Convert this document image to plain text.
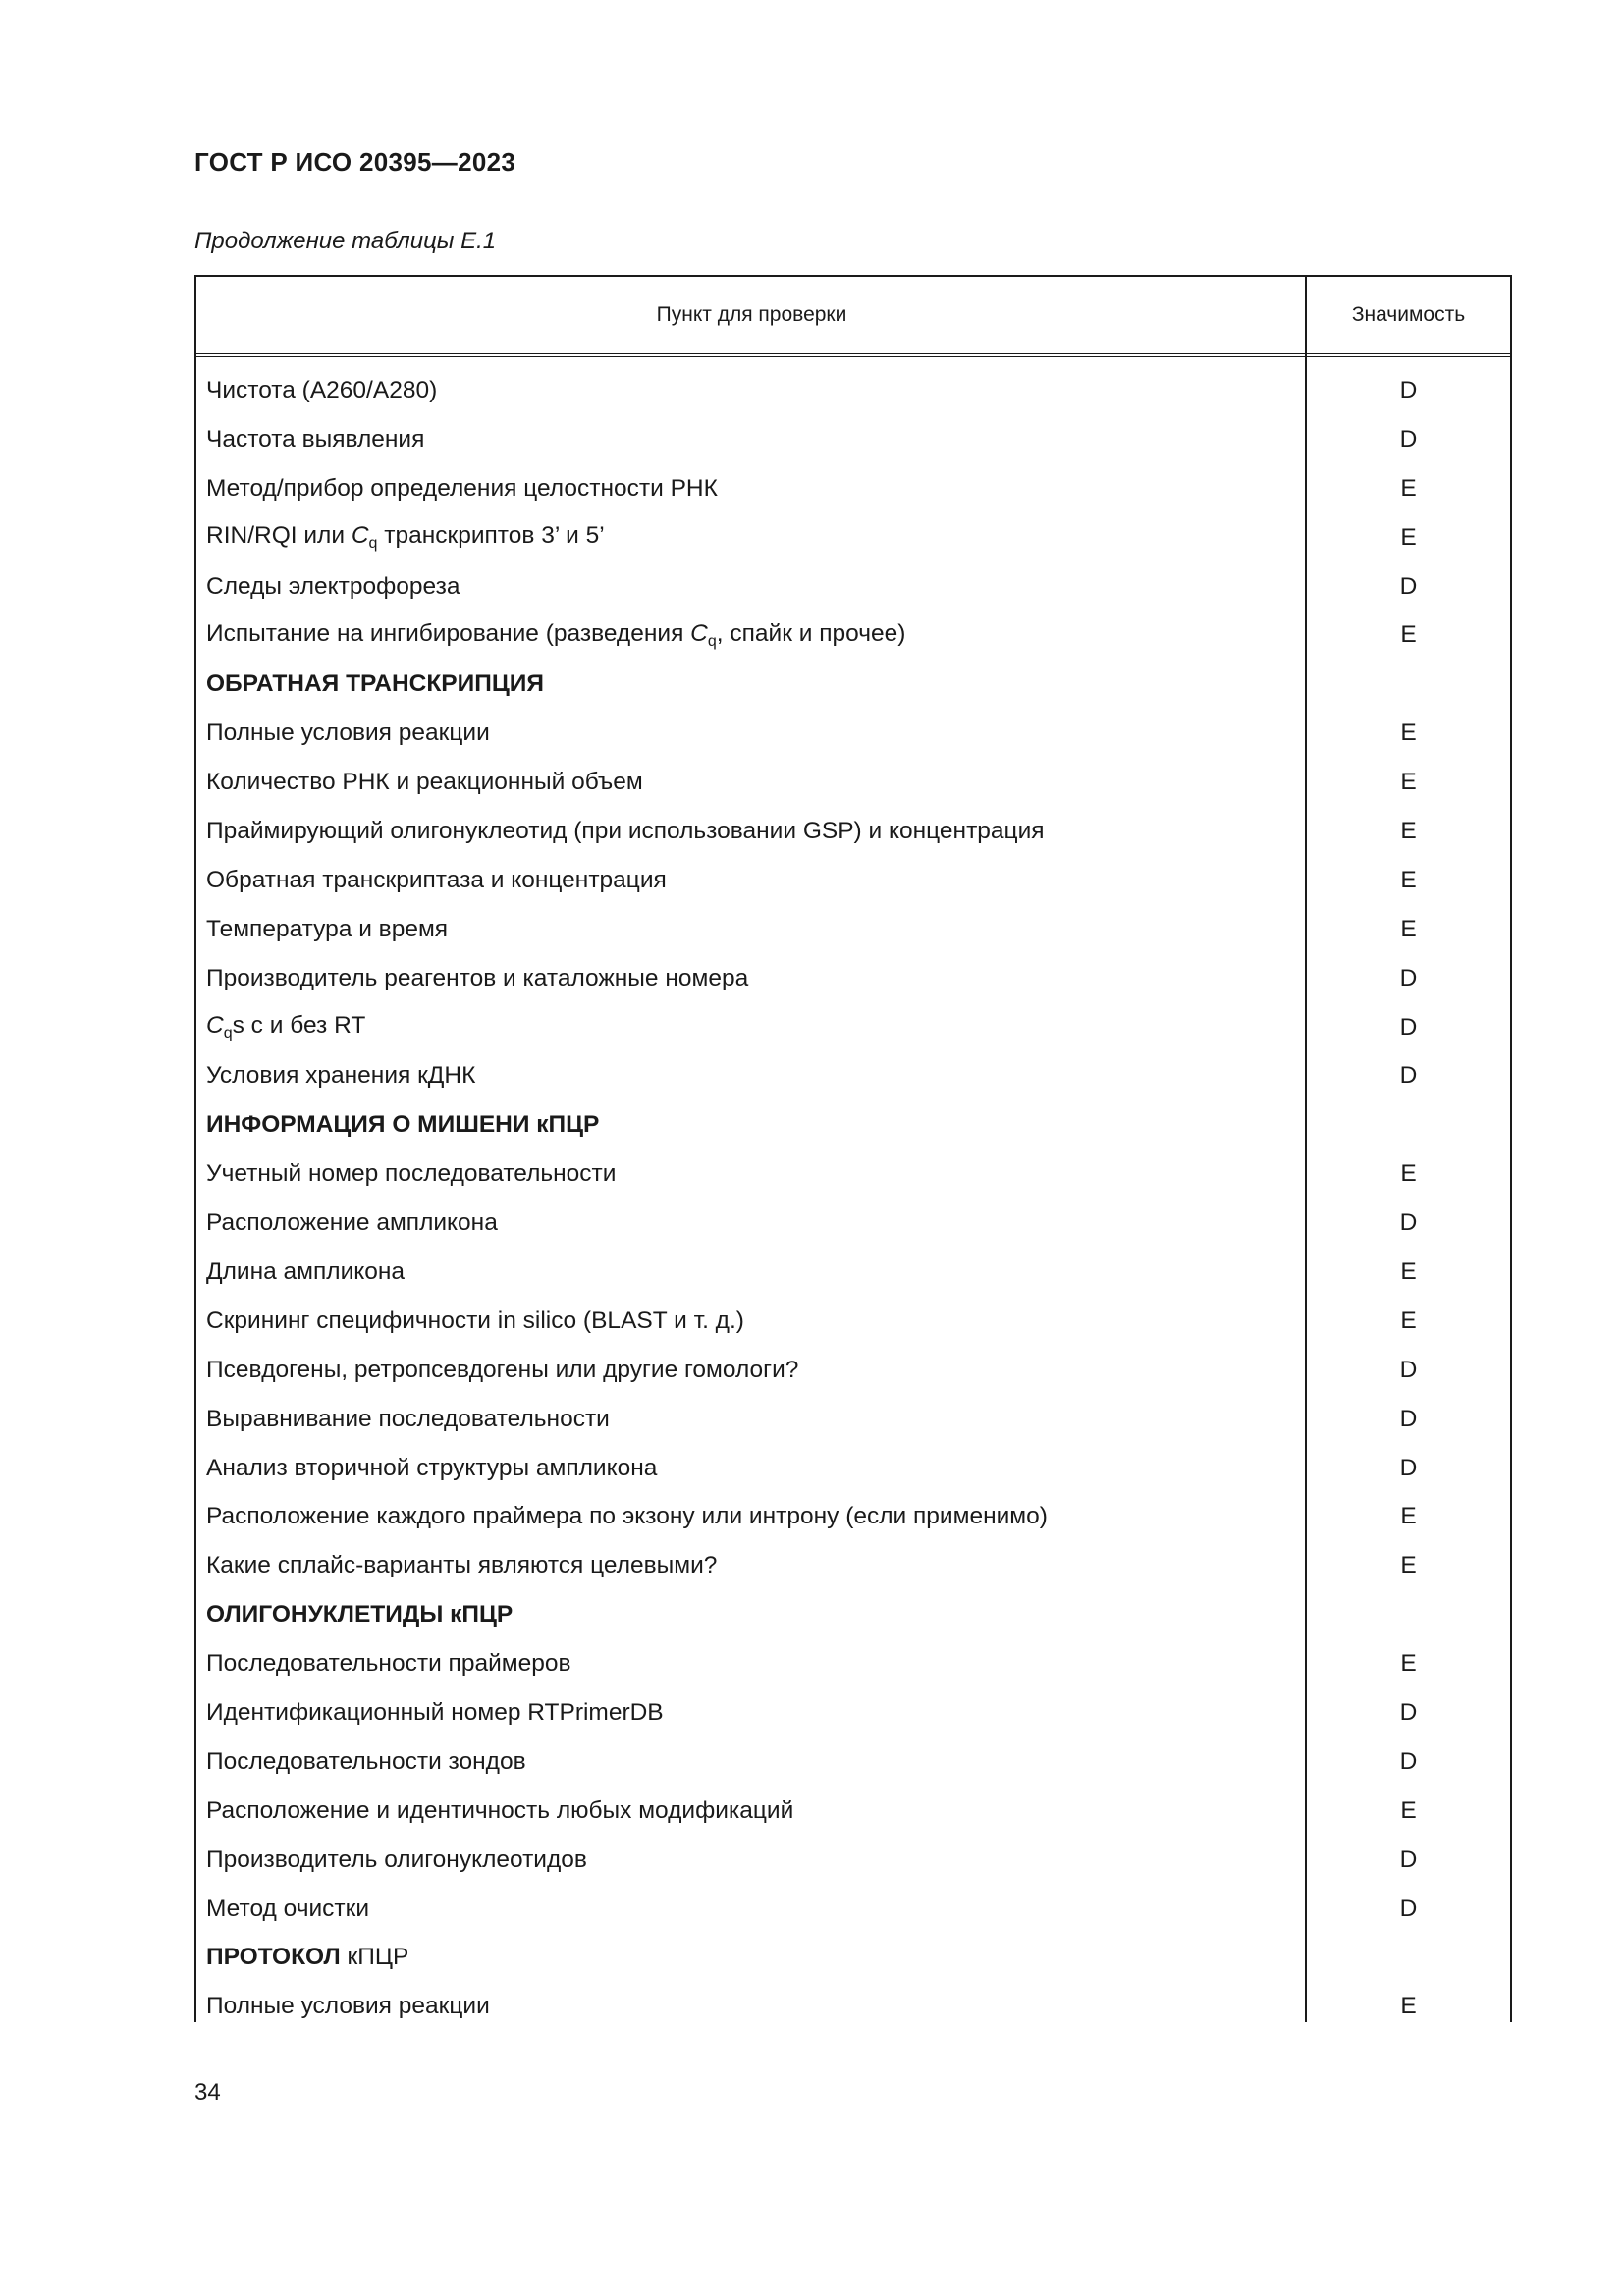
ГОСТ Р ИСО 20395—2023
Продолжение таблицы Е.1
Пункт для проверки	Значимость
Чистота (А260/А280)	D
Частота выявления	D
Метод/прибор определения целостности РНК	E
RIN/RQI или $C_q$ транскриптов 3’ и 5’	E
Следы электрофореза	D
Испытание на ингибирование (разведения $C_q$, спайк и прочее)	E
ОБРАТНАЯ ТРАНСКРИПЦИЯ
Полные условия реакции	E
Количество РНК и реакционный объем	E
Праймирующий олигонуклеотид (при использовании GSP) и концентрация	E
Обратная транскриптаза и концентрация	E
Температура и время	E
Производитель реагентов и каталожные номера	D
$C_qs$ с и без RT	D
Условия хранения кДНК	D
ИНФОРМАЦИЯ О МИШЕНИ кПЦР
Учетный номер последовательности	E
Расположение ампликона	D
Длина ампликона	E
Скрининг специфичности in silico (BLAST и т. д.)	E
Псевдогены, ретропсевдогены или другие гомологи?	D
Выравнивание последовательности	D
Анализ вторичной структуры ампликона	D
Расположение каждого праймера по экзону или интрону (если применимо)	E
Какие сплайс-варианты являются целевыми?	E
ОЛИГОНУКЛЕТИДЫ кПЦР
Последовательности праймеров	E
Идентификационный номер RTPrimerDB	D
Последовательности зондов	D
Расположение и идентичность любых модификаций	E
Производитель олигонуклеотидов	D
Метод очистки	D
ПРОТОКОЛ кПЦР
Полные условия реакции	E
34
